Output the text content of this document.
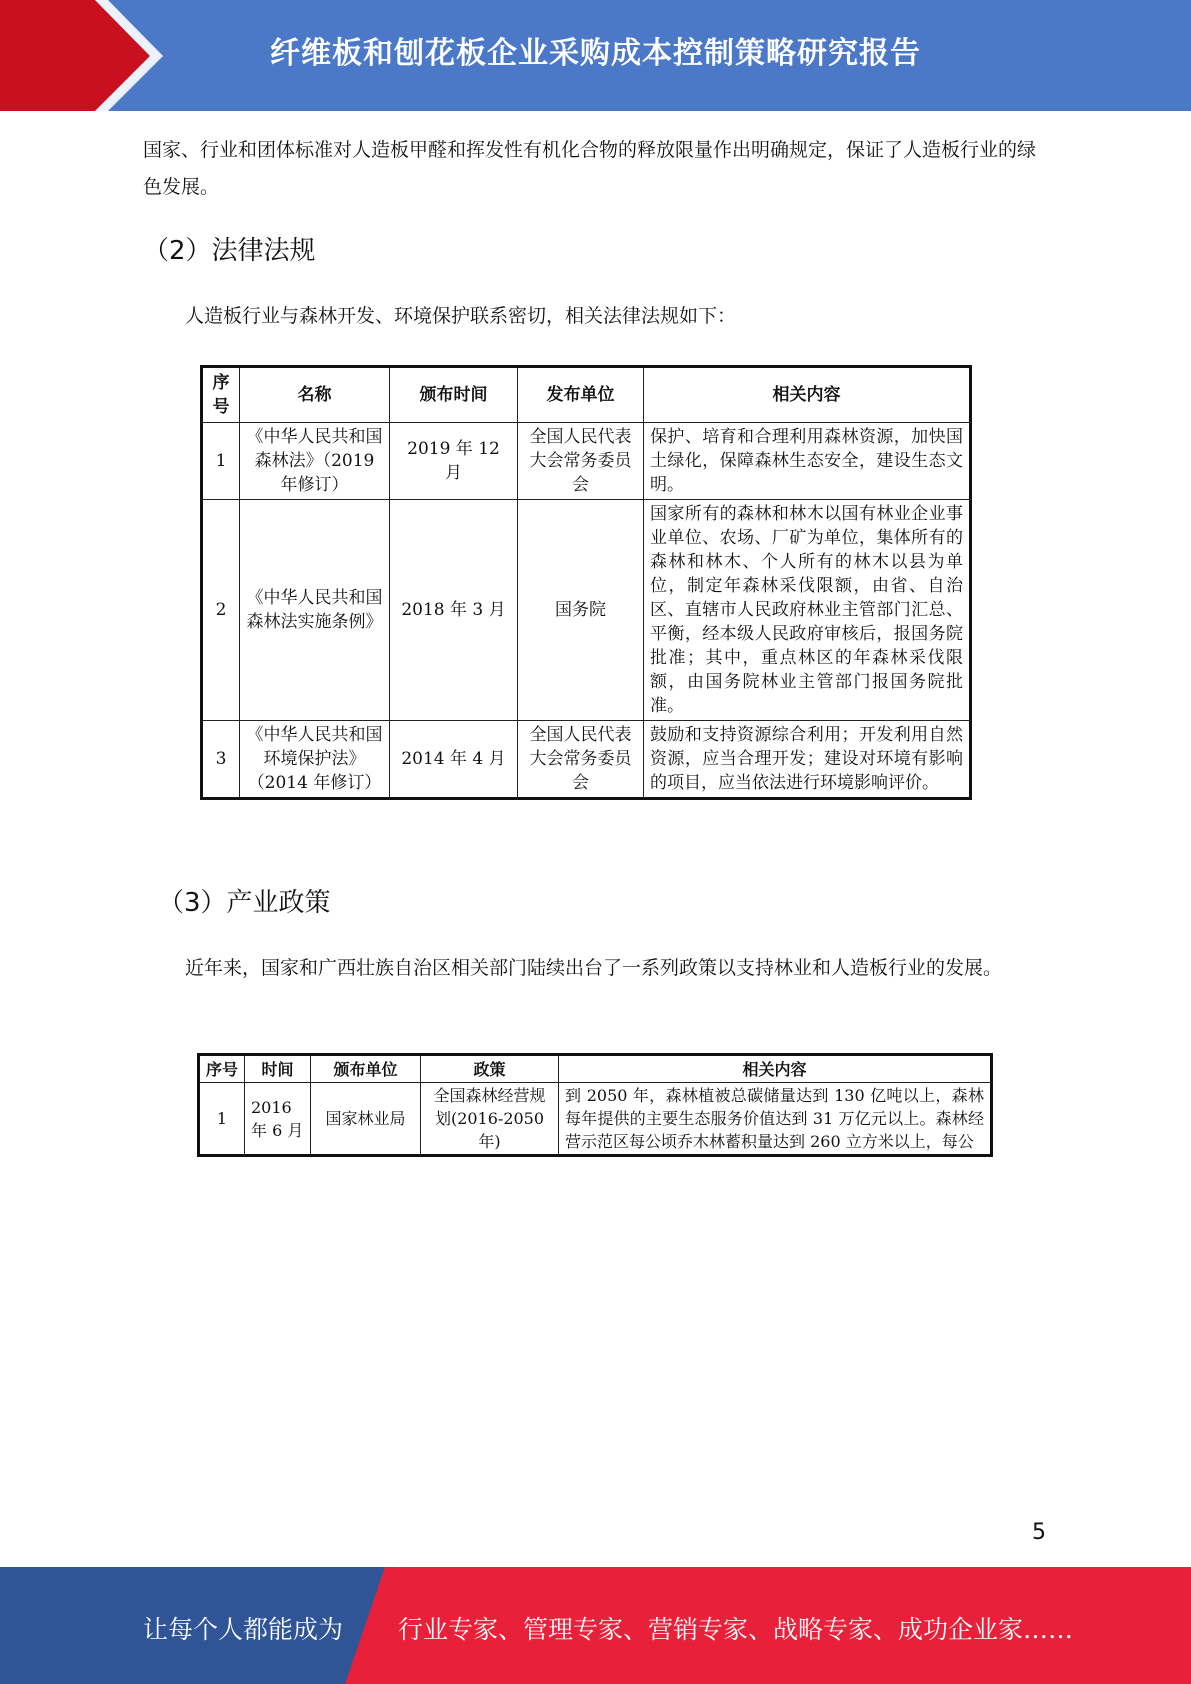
纤维板和刨花板企业采购成本控制策略研究报告

国家、行业和团体标准对人造板甲醛和挥发性有机化合物的释放限量作出明确规定，保证了人造板行业的绿色发展。

（2）法律法规

人造板行业与森林开发、环境保护联系密切，相关法律法规如下：

序号	名称	颁布时间	发布单位	相关内容
1	《中华人民共和国森林法》（2019 年修订）	2019 年 12 月	全国人民代表大会常务委员会	保护、培育和合理利用森林资源，加快国土绿化，保障森林生态安全，建设生态文明。
2	《中华人民共和国森林法实施条例》	2018 年 3 月	国务院	国家所有的森林和林木以国有林业企业事业单位、农场、厂矿为单位，集体所有的森林和林木、个人所有的林木以县为单位，制定年森林采伐限额，由省、自治区、直辖市人民政府林业主管部门汇总、平衡，经本级人民政府审核后，报国务院批准；其中，重点林区的年森林采伐限额，由国务院林业主管部门报国务院批准。
3	《中华人民共和国环境保护法》（2014 年修订）	2014 年 4 月	全国人民代表大会常务委员会	鼓励和支持资源综合利用；开发利用自然资源，应当合理开发；建设对环境有影响的项目，应当依法进行环境影响评价。
（3）产业政策

近年来，国家和广西壮族自治区相关部门陆续出台了一系列政策以支持林业和人造板行业的发展。

序号	时间	颁布单位	政策	相关内容
1	2016 年 6 月	国家林业局	全国森林经营规划(2016-2050 年)	到 2050 年，森林植被总碳储量达到 130 亿吨以上，森林每年提供的主要生态服务价值达到 31 万亿元以上。森林经营示范区每公顷乔木林蓄积量达到 260 立方米以上，每公
5
让每个人都能成为 行业专家、管理专家、营销专家、战略专家、成功企业家……
